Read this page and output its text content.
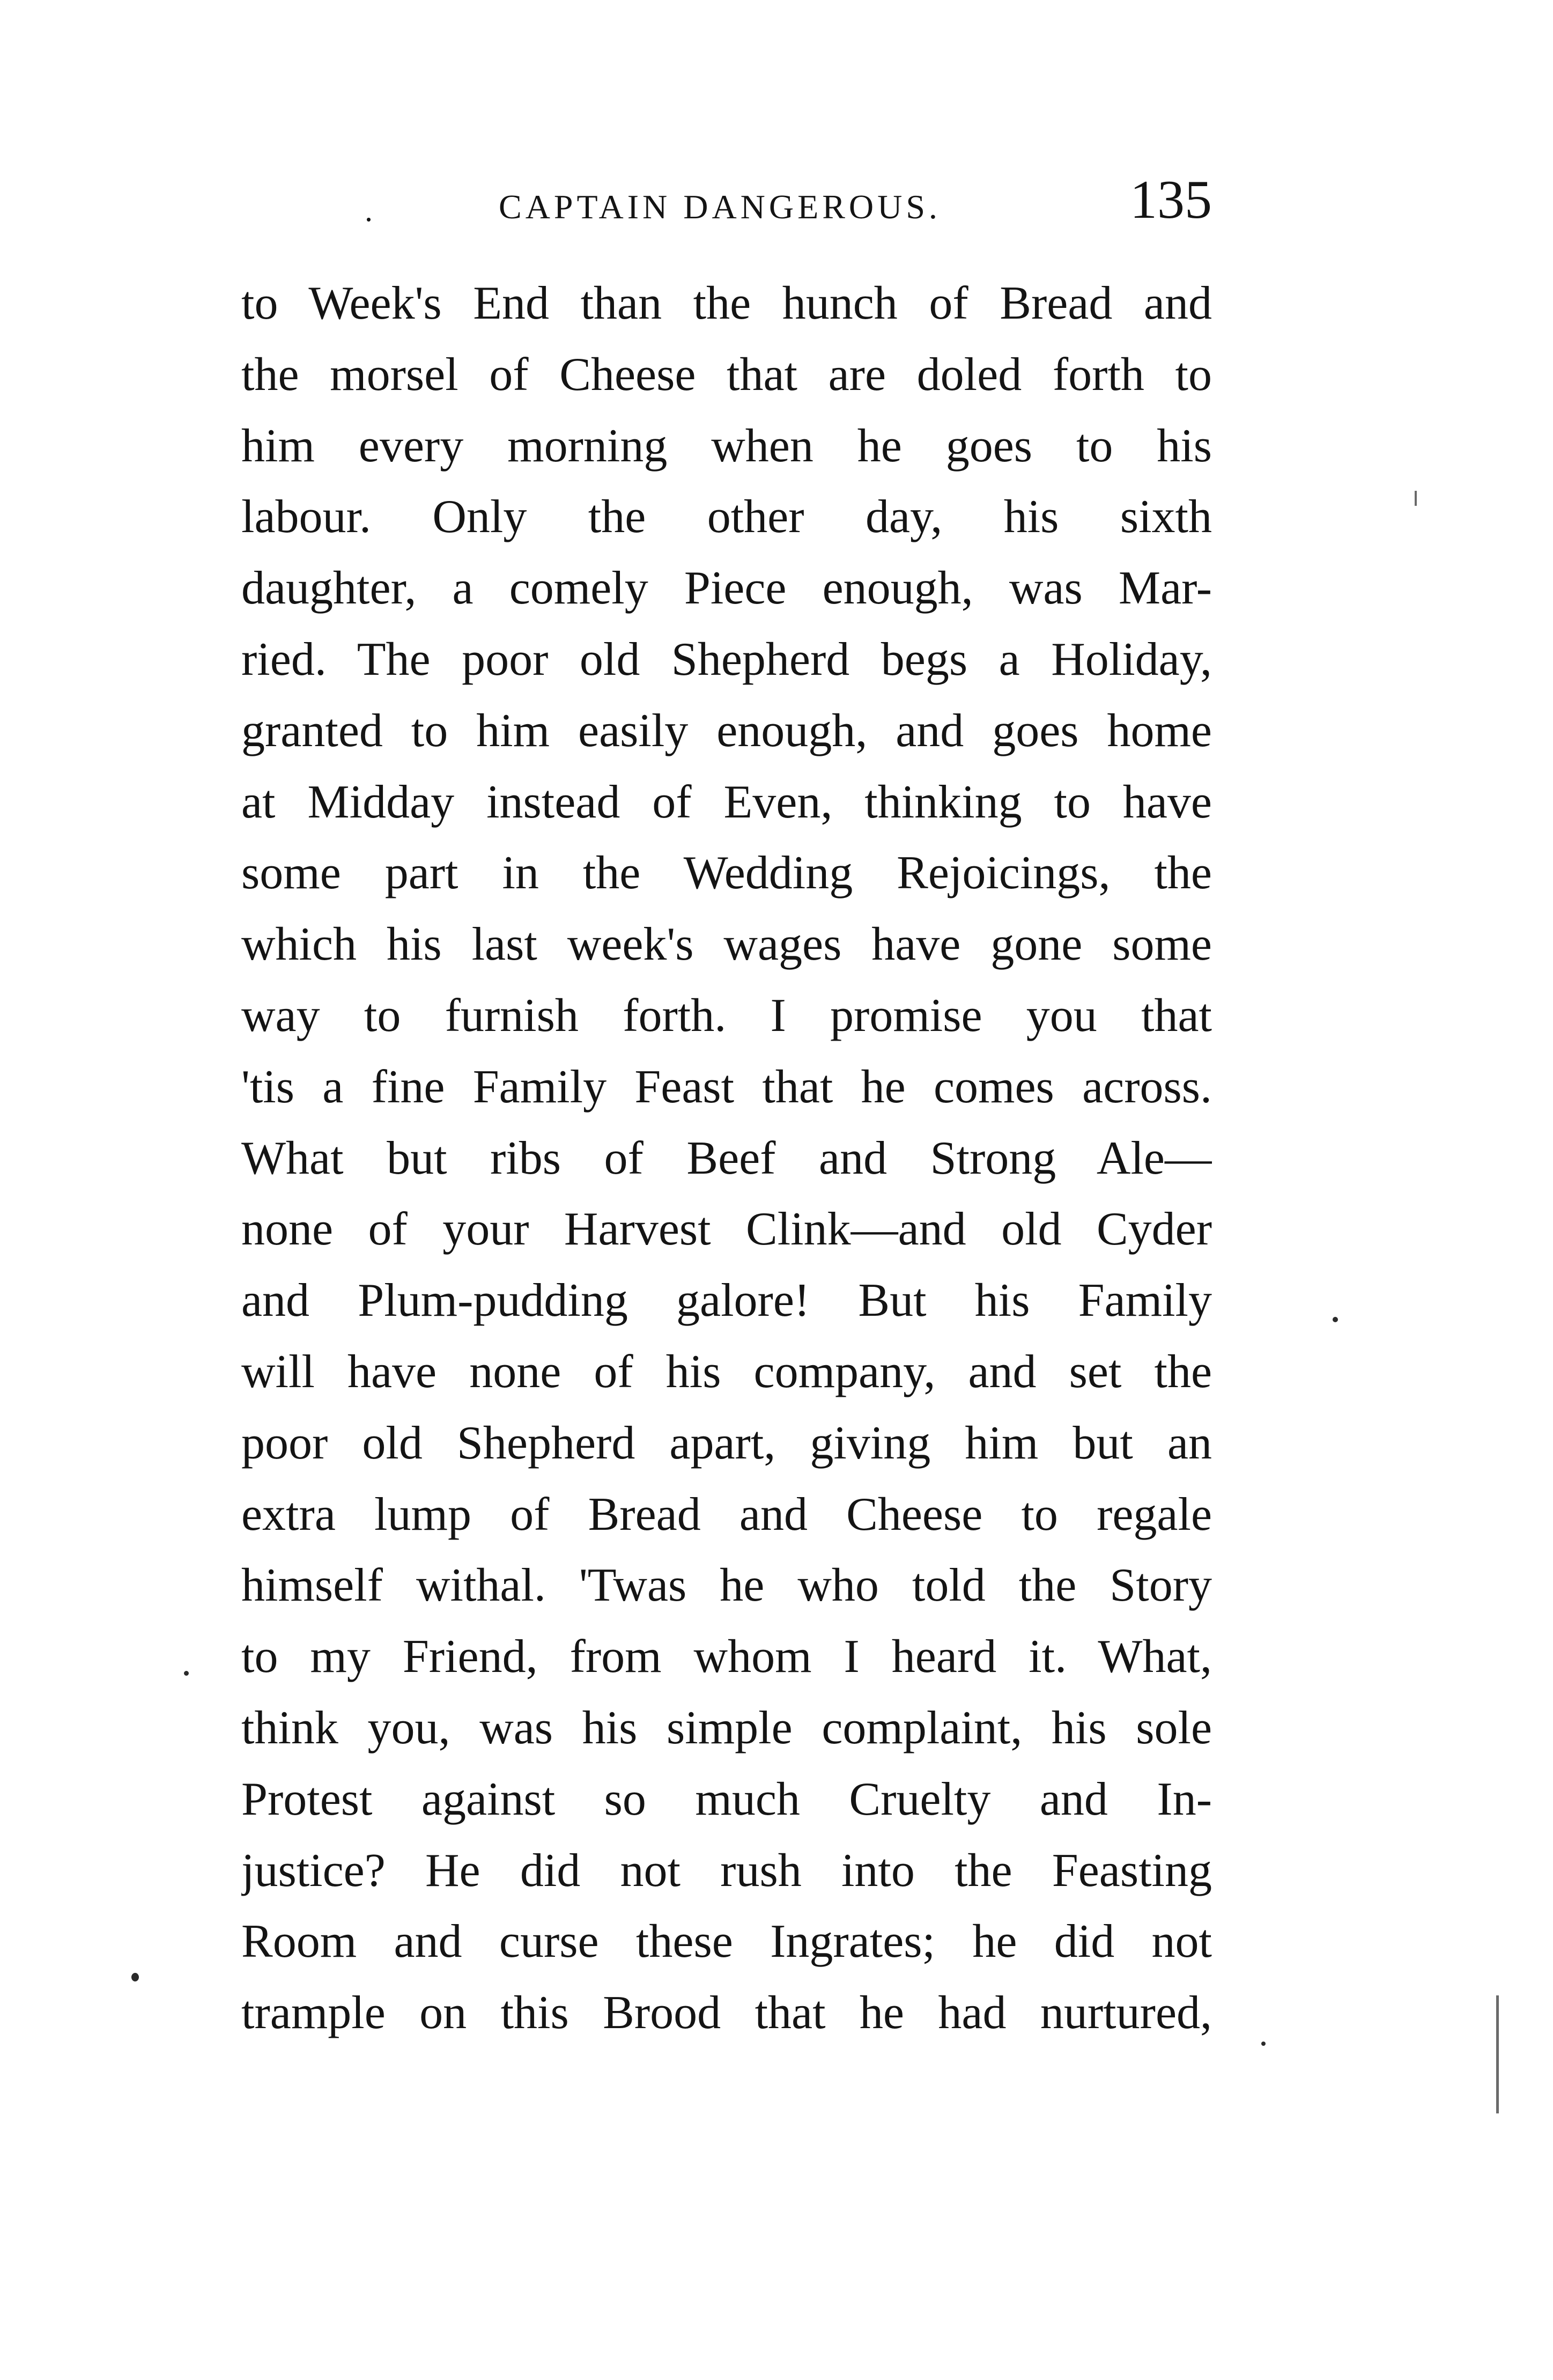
.	CAPTAIN DANGEROUS.	135
to Week's End than the hunch of Bread and
the morsel of Cheese that are doled forth to
him every morning when he goes to his
labour. Only the other day, his sixth
daughter, a comely Piece enough, was Mar-
ried. The poor old Shepherd begs a Holiday,
granted to him easily enough, and goes home
at Midday instead of Even, thinking to have
some part in the Wedding Rejoicings, the
which his last week's wages have gone some
way to furnish forth. I promise you that
'tis a fine Family Feast that he comes across.
What but ribs of Beef and Strong Ale—
none of your Harvest Clink—and old Cyder
and Plum-pudding galore! But his Family
will have none of his company, and set the
poor old Shepherd apart, giving him but an
extra lump of Bread and Cheese to regale
himself withal. 'Twas he who told the Story
to my Friend, from whom I heard it. What,
think you, was his simple complaint, his sole
Protest against so much Cruelty and In-
justice? He did not rush into the Feasting
Room and curse these Ingrates; he did not
trample on this Brood that he had nurtured,
